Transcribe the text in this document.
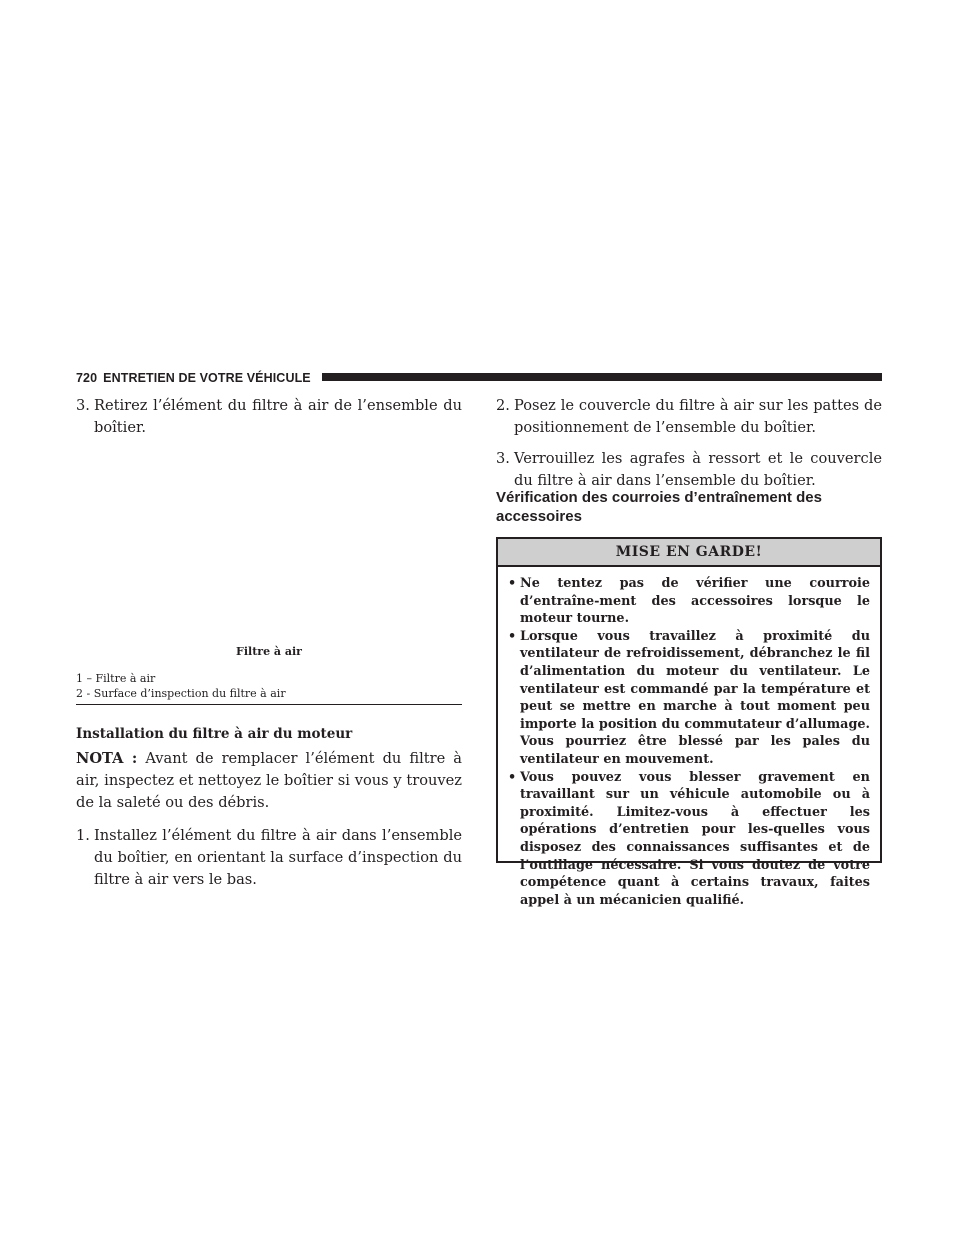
720 ENTRETIEN DE VOTRE VÉHICULE

3. Retirez l’élément du filtre à air de l’ensemble du boîtier.

Filtre à air
1 – Filtre à air
2 - Surface d’inspection du filtre à air
Installation du filtre à air du moteur

NOTA : Avant de remplacer l’élément du filtre à air, inspectez et nettoyez le boîtier si vous y trouvez de la saleté ou des débris.

1. Installez l’élément du filtre à air dans l’ensemble du boîtier, en orientant la surface d’inspection du filtre à air vers le bas.

2. Posez le couvercle du filtre à air sur les pattes de positionnement de l’ensemble du boîtier.

3. Verrouillez les agrafes à ressort et le couvercle du filtre à air dans l’ensemble du boîtier.

Vérification des courroies d’entraînement des accessoires
MISE EN GARDE!
• Ne tentez pas de vérifier une courroie d’entraîne-ment des accessoires lorsque le moteur tourne.
• Lorsque vous travaillez à proximité du ventilateur de refroidissement, débranchez le fil d’alimentation du moteur du ventilateur. Le ventilateur est commandé par la température et peut se mettre en marche à tout moment peu importe la position du commutateur d’allumage. Vous pourriez être blessé par les pales du ventilateur en mouvement.
• Vous pouvez vous blesser gravement en travaillant sur un véhicule automobile ou à proximité. Limitez-vous à effectuer les opérations d’entretien pour les-quelles vous disposez des connaissances suffisantes et de l’outillage nécessaire. Si vous doutez de votre compétence quant à certains travaux, faites appel à un mécanicien qualifié.
